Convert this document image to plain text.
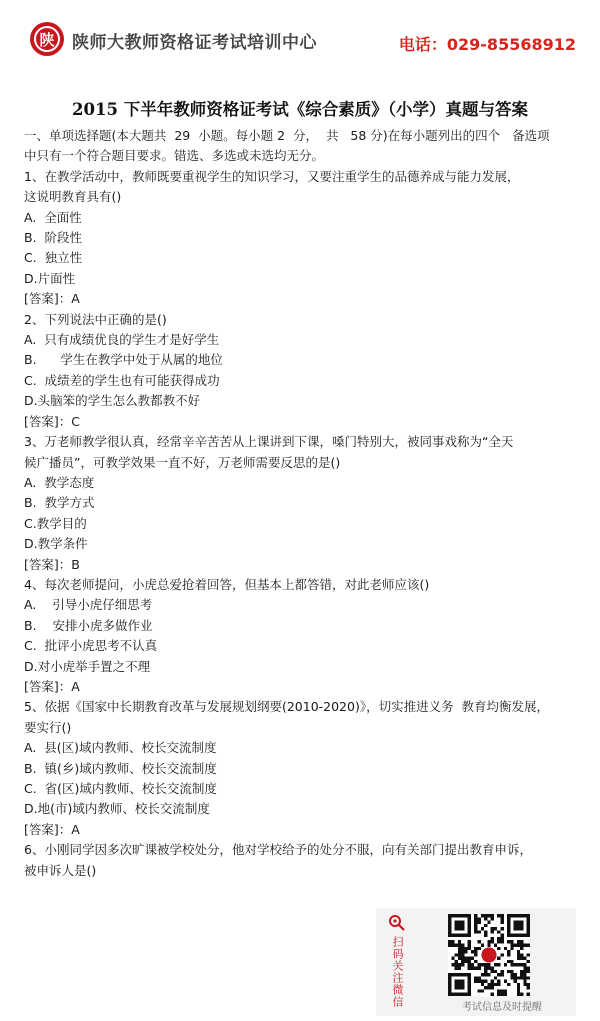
陕	陕师大教师资格证考试培训中心	电话：029-85568912
2015 下半年教师资格证考试《综合素质》（小学）真题与答案

一、单项选择题(本大题共  29  小题。每小题 2  分，  共   58 分)在每小题列出的四个   备选项

中只有一个符合题目要求。错选、多选或未选均无分。

1、在教学活动中，教师既要重视学生的知识学习，又要注重学生的品德养成与能力发展，

这说明教育具有()

A.  全面性

B.  阶段性

C.  独立性

D.片面性

[答案]：A

2、下列说法中正确的是()

A.  只有成绩优良的学生才是好学生

B.      学生在教学中处于从属的地位

C.  成绩差的学生也有可能获得成功

D.头脑笨的学生怎么教都教不好

[答案]：C

3、万老师教学很认真，经常辛辛苦苦从上课讲到下课，嗓门特别大，被同事戏称为“全天

候广播员”，可教学效果一直不好，万老师需要反思的是()

A.  教学态度

B.  教学方式

C.教学目的

D.教学条件

[答案]：B

4、每次老师提问，小虎总爱抢着回答，但基本上都答错，对此老师应该()

A.    引导小虎仔细思考

B.    安排小虎多做作业

C.  批评小虎思考不认真

D.对小虎举手置之不理

[答案]：A

5、依据《国家中长期教育改革与发展规划纲要(2010-2020)》，切实推进义务  教育均衡发展，

要实行()

A.  县(区)域内教师、校长交流制度

B.  镇(乡)域内教师、校长交流制度

C.  省(区)域内教师、校长交流制度

D.地(市)域内教师、校长交流制度

[答案]：A

6、小刚同学因多次旷课被学校处分，他对学校给予的处分不服，向有关部门提出教育申诉，

被申诉人是()

扫码关注微信	考试信息及时提醒
